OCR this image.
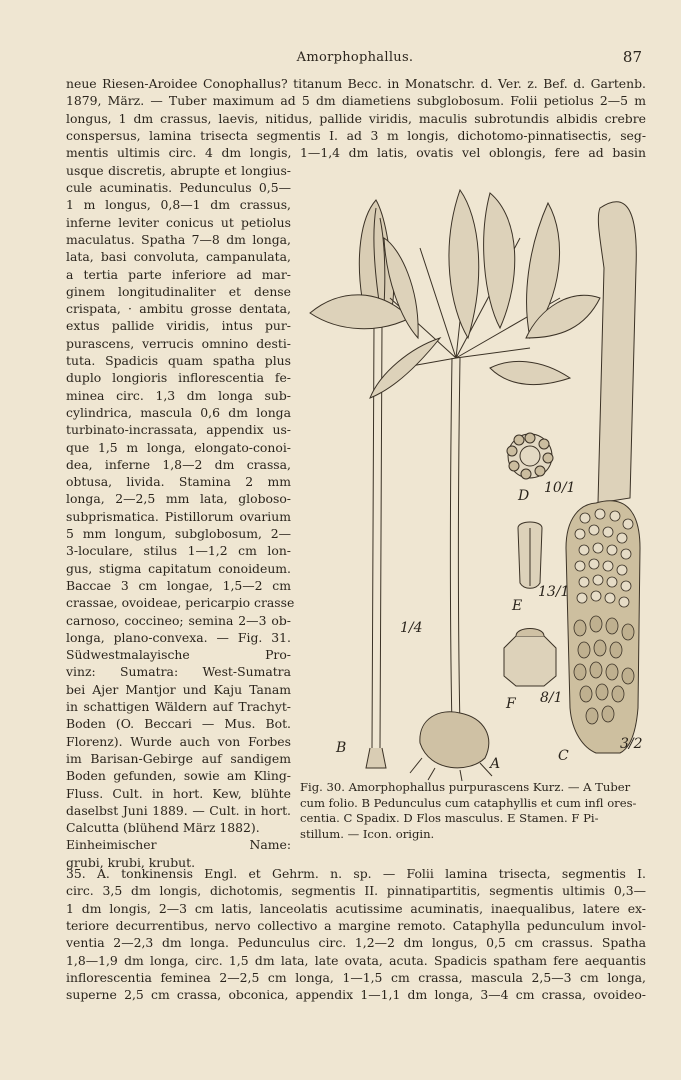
Amorphophallus.	87
neue Riesen-Aroidee Conophallus? titanum Becc. in Monatschr. d. Ver. z. Bef. d. Gartenb.
1879, März. — Tuber maximum ad 5 dm diametiens subglobosum. Folii petiolus 2—5 m
longus, 1 dm crassus, laevis, nitidus, pallide viridis, maculis subrotundis albidis crebre
conspersus, lamina trisecta segmentis I. ad 3 m longis, dichotomo-pinnatisectis, seg-
mentis ultimis circ. 4 dm longis, 1—1,4 dm latis, ovatis vel oblongis, fere ad basin
usque discretis, abrupte et longius-
cule acuminatis. Pedunculus 0,5—
1 m longus, 0,8—1 dm crassus,
inferne leviter conicus ut petiolus
maculatus. Spatha 7—8 dm longa,
lata, basi convoluta, campanulata,
a tertia parte inferiore ad mar-
ginem longitudinaliter et dense
crispata, · ambitu grosse dentata,
extus pallide viridis, intus pur-
purascens, verrucis omnino desti-
tuta. Spadicis quam spatha plus
duplo longioris inflorescentia fe-
minea circ. 1,3 dm longa sub-
cylindrica, mascula 0,6 dm longa
turbinato-incrassata, appendix us-
que 1,5 m longa, elongato-conoi-
dea, inferne 1,8—2 dm crassa,
obtusa, livida. Stamina 2 mm
longa, 2—2,5 mm lata, globoso-
subprismatica. Pistillorum ovarium
5 mm longum, subglobosum, 2—
3-loculare, stilus 1—1,2 cm lon-
gus, stigma capitatum conoideum.
Baccae 3 cm longae, 1,5—2 cm
crassae, ovoideae, pericarpio crasse
carnoso, coccineo; semina 2—3 ob-
longa, plano-convexa. — Fig. 31.
Südwestmalayische Pro-
vinz: Sumatra: West-Sumatra
bei Ajer Mantjor und Kaju Tanam
in schattigen Wäldern auf Trachyt-
Boden (O. Beccari — Mus. Bot.
Florenz). Wurde auch von Forbes
im Barisan-Gebirge auf sandigem
Boden gefunden, sowie am Kling-
Fluss. Cult. in hort. Kew, blühte
daselbst Juni 1889. — Cult. in hort.
Calcutta (blühend März 1882).
Einheimischer Name:
grubi, krubi, krubut.
B
A	C
D
E
F
1/4
10/1
13/1
8/1
3/2
Fig. 30. Amorphophallus purpurascens Kurz. — A Tuber
cum folio. B Pedunculus cum cataphyllis et cum infl ores-
centia. C Spadix. D Flos masculus. E Stamen. F Pi-
stillum. — Icon. origin.
35. A. tonkinensis Engl. et Gehrm. n. sp. — Folii lamina trisecta, segmentis I.
circ. 3,5 dm longis, dichotomis, segmentis II. pinnatipartitis, segmentis ultimis 0,3—
1 dm longis, 2—3 cm latis, lanceolatis acutissime acuminatis, inaequalibus, latere ex-
teriore decurrentibus, nervo collectivo a margine remoto. Cataphylla pedunculum invol-
ventia 2—2,3 dm longa. Pedunculus circ. 1,2—2 dm longus, 0,5 cm crassus. Spatha
1,8—1,9 dm longa, circ. 1,5 dm lata, late ovata, acuta. Spadicis spatham fere aequantis
inflorescentia feminea 2—2,5 cm longa, 1—1,5 cm crassa, mascula 2,5—3 cm longa,
superne 2,5 cm crassa, obconica, appendix 1—1,1 dm longa, 3—4 cm crassa, ovoideo-
